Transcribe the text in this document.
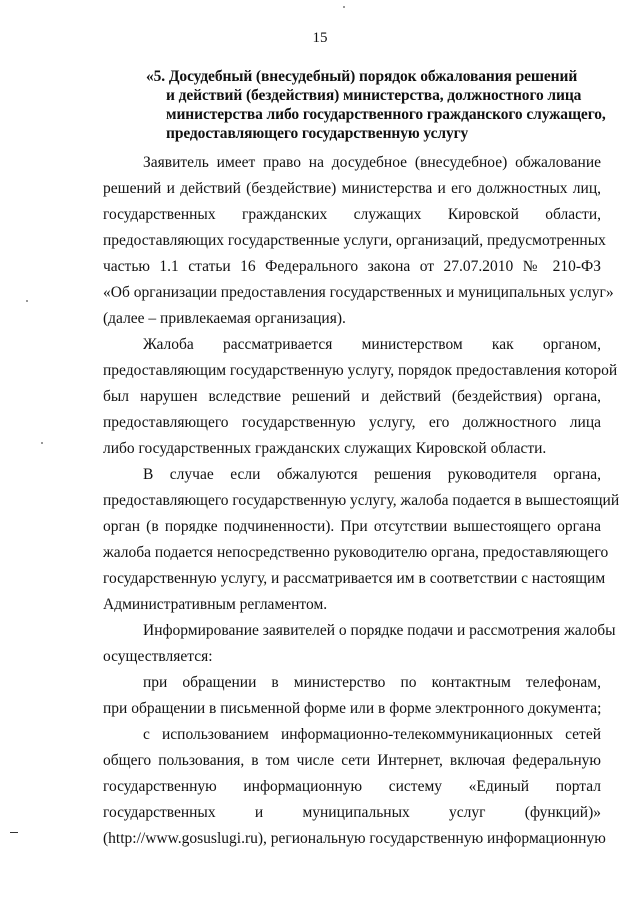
15
«5. Досудебный (внесудебный) порядок обжалования решений
и действий (бездействия) министерства, должностного лица
министерства либо государственного гражданского служащего,
предоставляющего государственную услугу
Заявитель имеет право на досудебное (внесудебное) обжалование
решений и действий (бездействие) министерства и его должностных лиц,
государственных гражданских служащих Кировской области,
предоставляющих государственные услуги, организаций, предусмотренных
частью 1.1 статьи 16 Федерального закона от 27.07.2010 № 210-ФЗ
«Об организации предоставления государственных и муниципальных услуг»
(далее – привлекаемая организация).
Жалоба рассматривается министерством как органом,
предоставляющим государственную услугу, порядок предоставления которой
был нарушен вследствие решений и действий (бездействия) органа,
предоставляющего государственную услугу, его должностного лица
либо государственных гражданских служащих Кировской области.
В случае если обжалуются решения руководителя органа,
предоставляющего государственную услугу, жалоба подается в вышестоящий
орган (в порядке подчиненности). При отсутствии вышестоящего органа
жалоба подается непосредственно руководителю органа, предоставляющего
государственную услугу, и рассматривается им в соответствии с настоящим
Административным регламентом.
Информирование заявителей о порядке подачи и рассмотрения жалобы
осуществляется:
при обращении в министерство по контактным телефонам,
при обращении в письменной форме или в форме электронного документа;
с использованием информационно-телекоммуникационных сетей
общего пользования, в том числе сети Интернет, включая федеральную
государственную информационную систему «Единый портал
государственных и муниципальных услуг (функций)»
(http://www.gosuslugi.ru), региональную государственную информационную
